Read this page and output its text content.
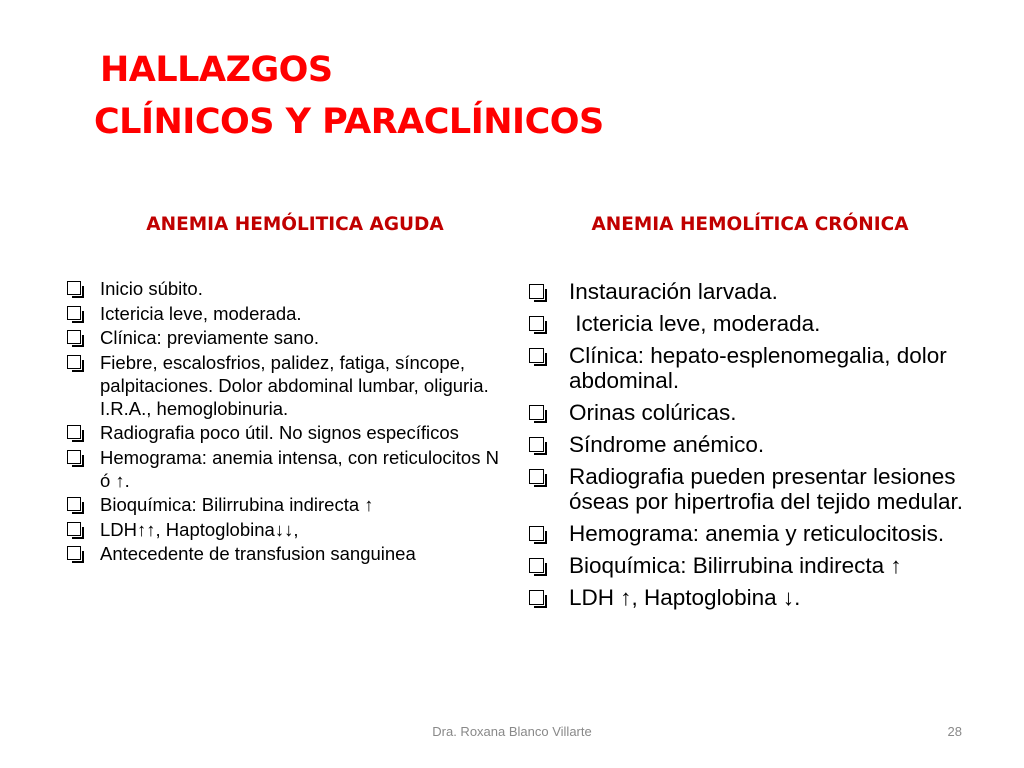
HALLAZGOS
CLÍNICOS Y PARACLÍNICOS
ANEMIA HEMÓLITICA AGUDA	ANEMIA HEMOLÍTICA CRÓNICA
Inicio súbito.
Ictericia leve, moderada.
Clínica: previamente sano.
Fiebre, escalosfrios, palidez, fatiga, síncope, palpitaciones. Dolor abdominal lumbar, oliguria. I.R.A., hemoglobinuria.
Radiografia poco útil. No signos específicos
Hemograma: anemia intensa, con reticulocitos N ó ↑.
Bioquímica: Bilirrubina indirecta ↑
LDH↑↑, Haptoglobina↓↓,
Antecedente de transfusion sanguinea
Instauración larvada.
Ictericia leve, moderada.
Clínica: hepato-esplenomegalia, dolor abdominal.
Orinas colúricas.
Síndrome anémico.
Radiografia pueden presentar lesiones óseas por hipertrofia del tejido medular.
Hemograma: anemia y reticulocitosis.
Bioquímica: Bilirrubina indirecta ↑
LDH ↑, Haptoglobina ↓.
Dra. Roxana Blanco Villarte	28
